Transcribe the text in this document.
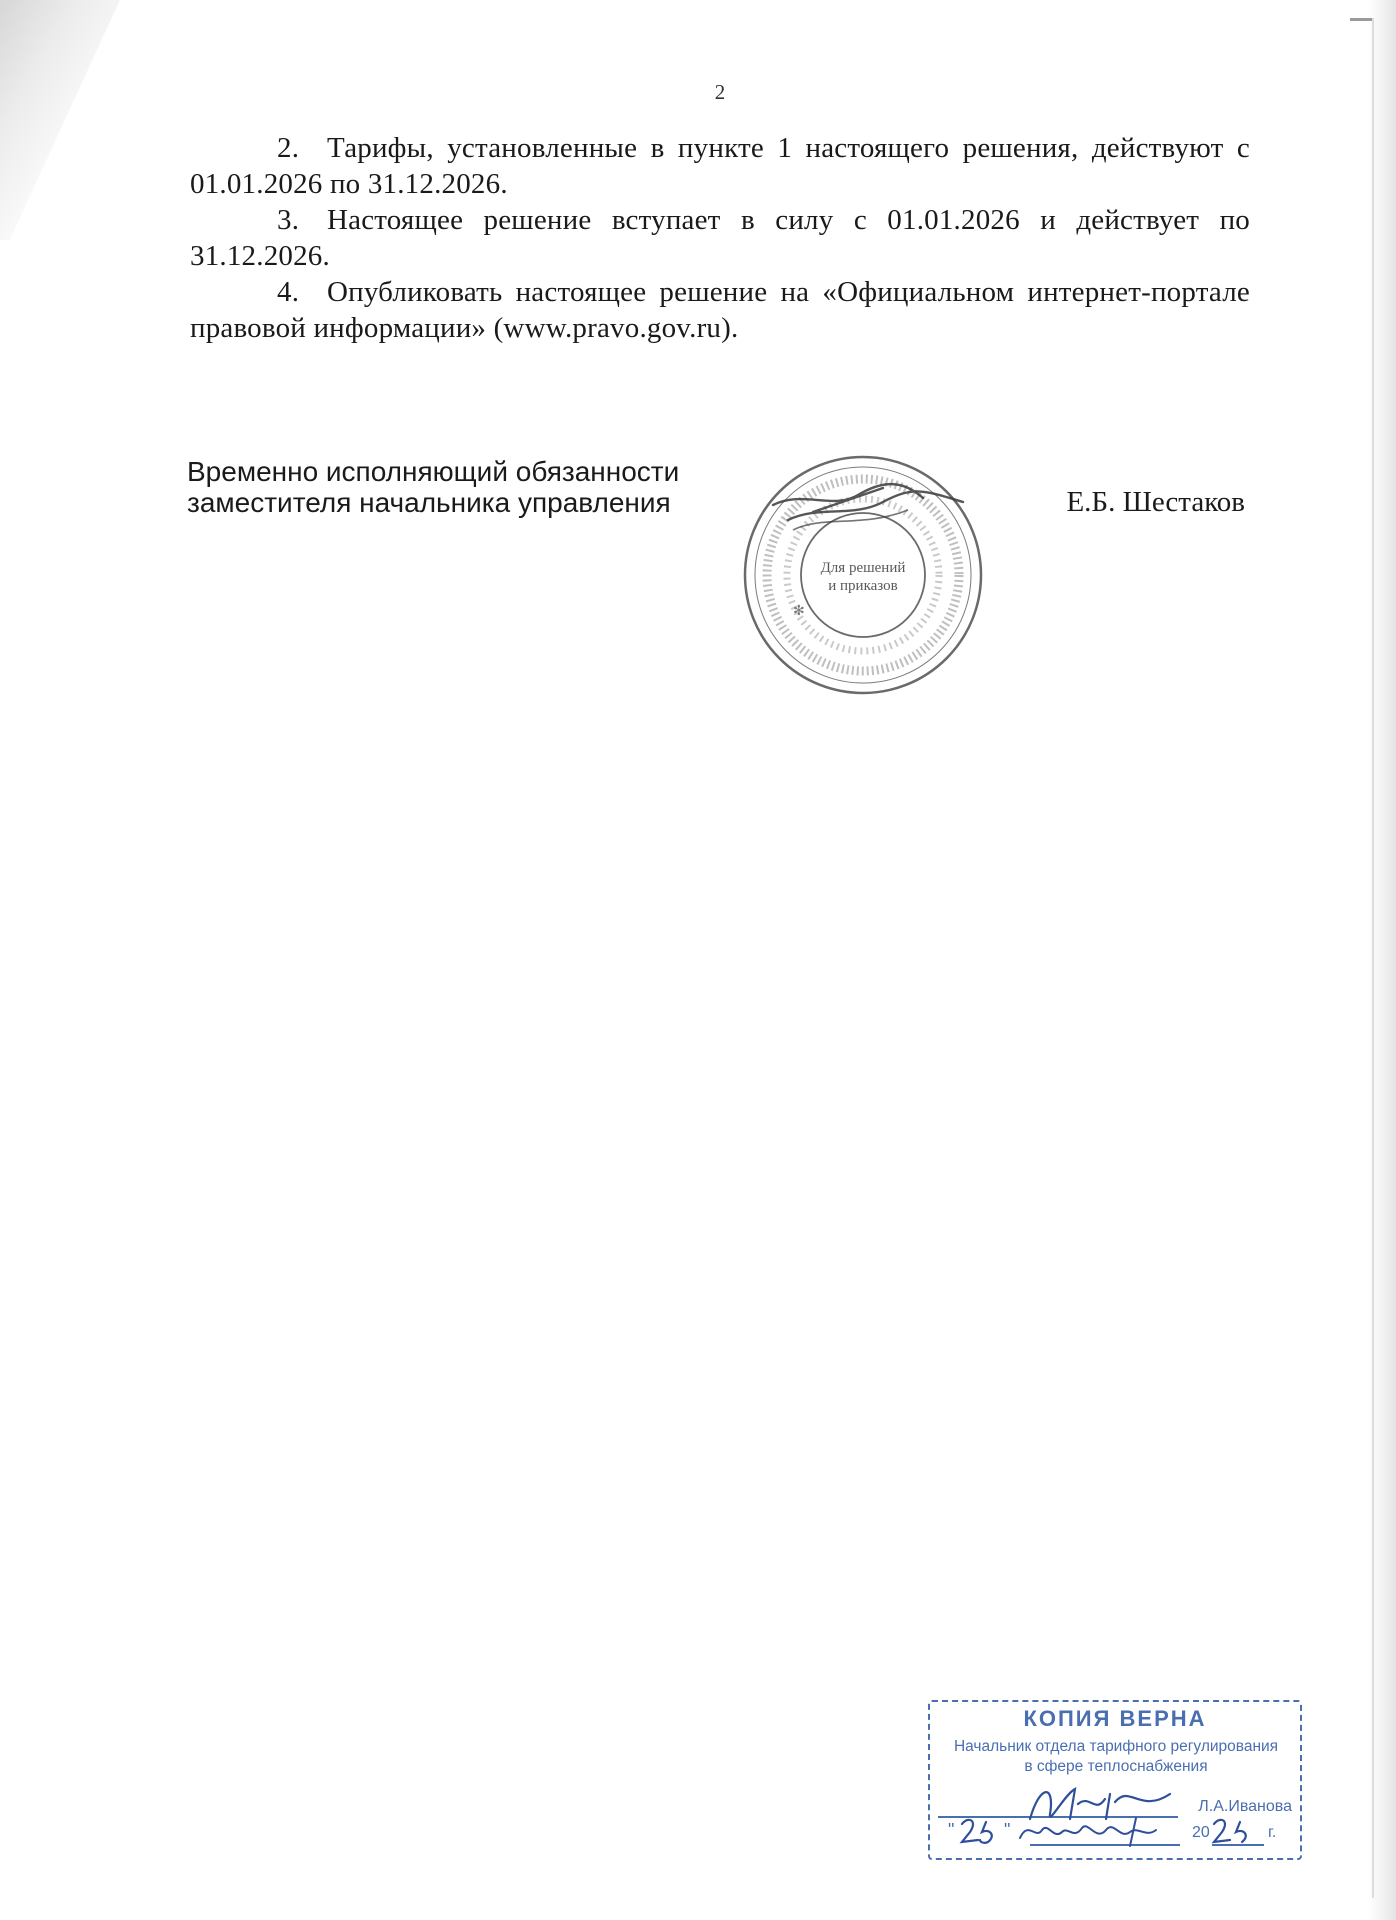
2

2. Тарифы, установленные в пункте 1 настоящего решения, действуют с 01.01.2026 по 31.12.2026.

3. Настоящее решение вступает в силу с 01.01.2026 и действует по 31.12.2026.

4. Опубликовать настоящее решение на «Официальном интернет-портале правовой информации» (www.pravo.gov.ru).

Временно исполняющий обязанности
заместителя начальника управления	Е.Б. Шестаков
✻
Для решений
и приказов
КОПИЯ ВЕРНА
Начальник отдела тарифного регулирования
в сфере теплоснабжения
Л.А.Иванова
"	"	20	г.
